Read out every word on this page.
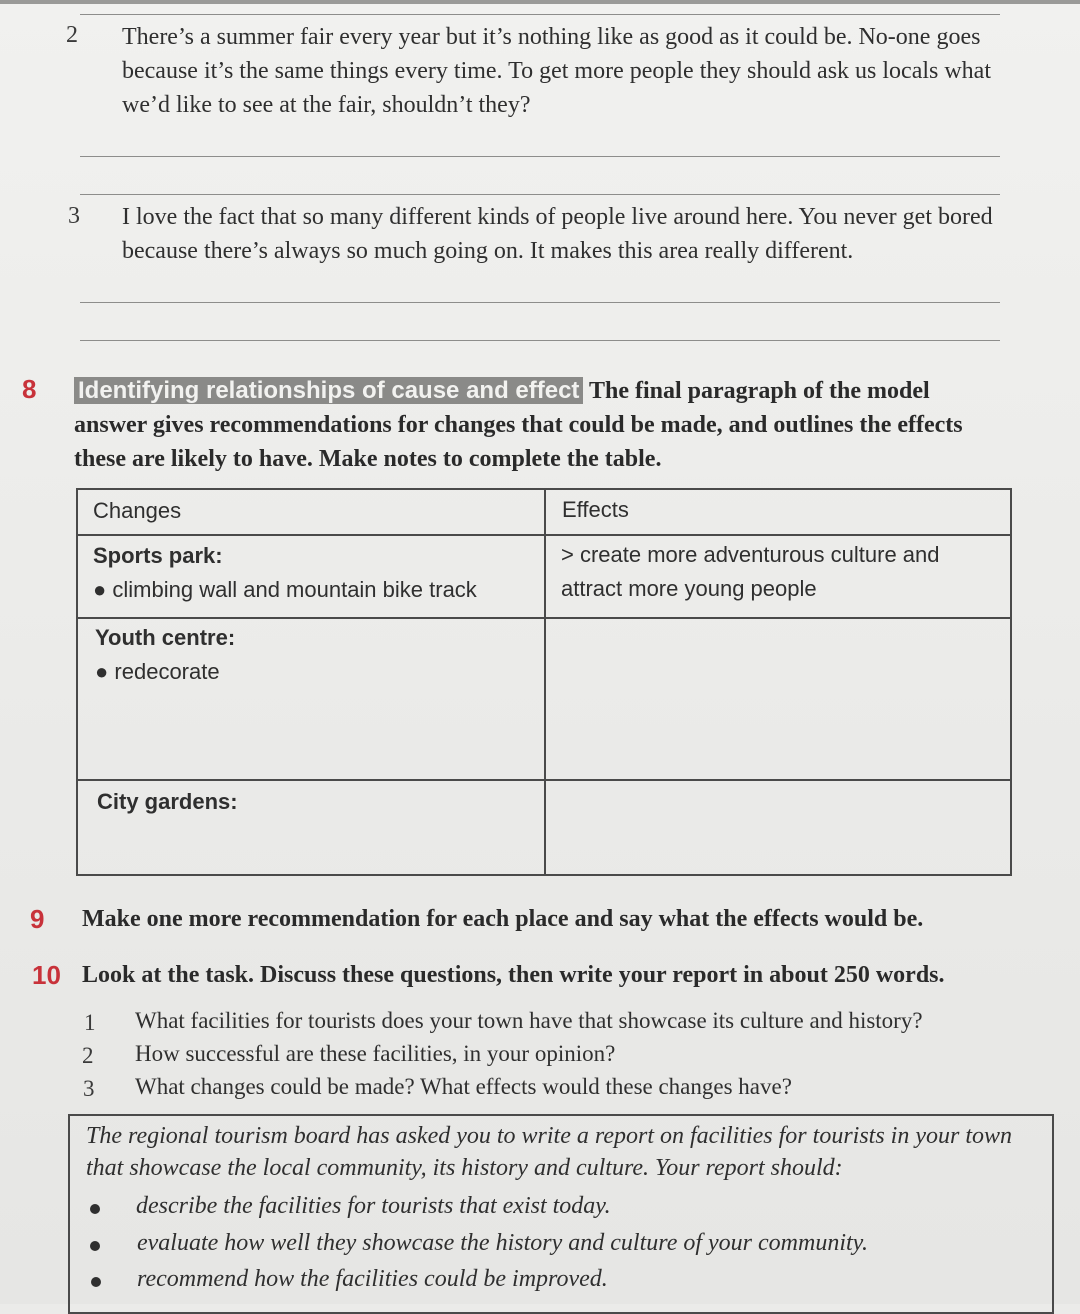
2 There’s a summer fair every year but it’s nothing like as good as it could be. No-one goes because it’s the same things every time. To get more people they should ask us locals what we’d like to see at the fair, shouldn’t they?
3 I love the fact that so many different kinds of people live around here. You never get bored because there’s always so much going on. It makes this area really different.
8 Identifying relationships of cause and effect The final paragraph of the model answer gives recommendations for changes that could be made, and outlines the effects these are likely to have. Make notes to complete the table.
Changes	Effects
Sports park:
● climbing wall and mountain bike track
> create more adventurous culture and
attract more young people
Youth centre:
● redecorate
City gardens:
9 Make one more recommendation for each place and say what the effects would be.
10 Look at the task. Discuss these questions, then write your report in about 250 words.
1 What facilities for tourists does your town have that showcase its culture and history?
2 How successful are these facilities, in your opinion?
3 What changes could be made? What effects would these changes have?
The regional tourism board has asked you to write a report on facilities for tourists in your town that showcase the local community, its history and culture. Your report should:
describe the facilities for tourists that exist today.
evaluate how well they showcase the history and culture of your community.
recommend how the facilities could be improved.
